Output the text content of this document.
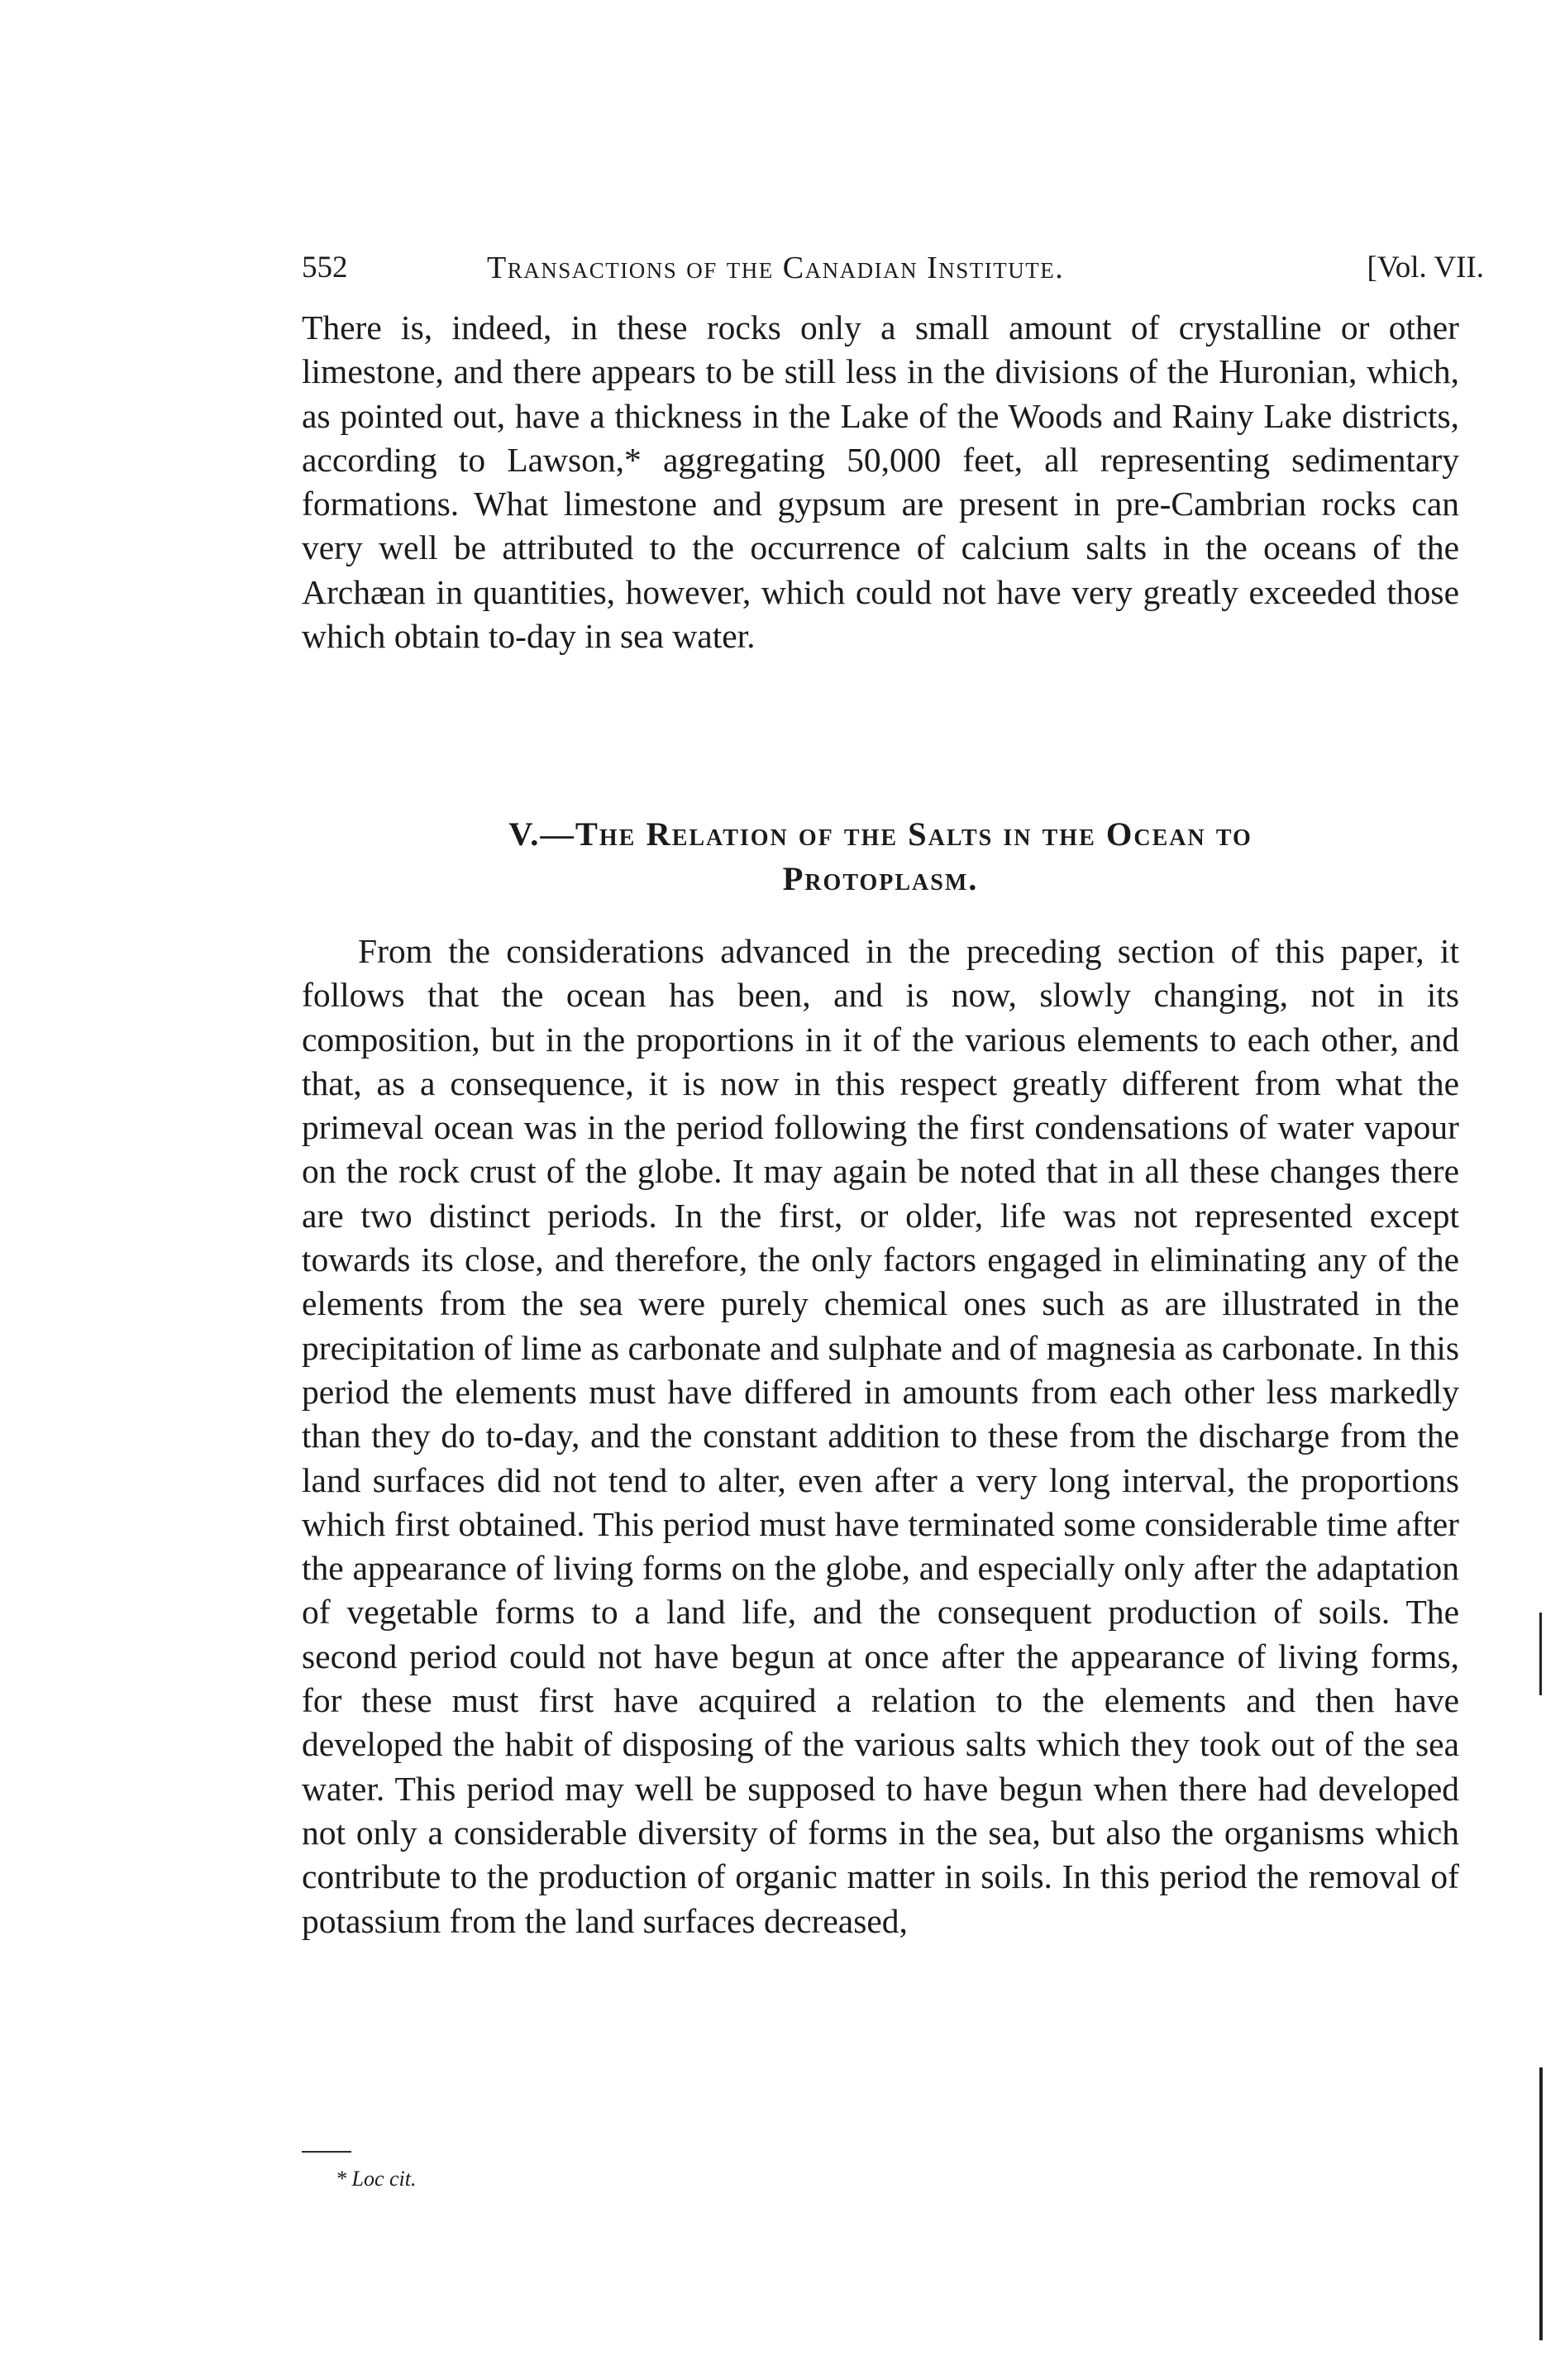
552	Transactions of the Canadian Institute.	[Vol. VII.

There is, indeed, in these rocks only a small amount of crystalline or other limestone, and there appears to be still less in the divisions of the Huronian, which, as pointed out, have a thickness in the Lake of the Woods and Rainy Lake districts, according to Lawson,* aggregating 50,000 feet, all representing sedimentary formations. What limestone and gypsum are present in pre-Cambrian rocks can very well be attributed to the occurrence of calcium salts in the oceans of the Archæan in quantities, however, which could not have very greatly exceeded those which obtain to-day in sea water.

V.—The Relation of the Salts in the Ocean to
Protoplasm.

From the considerations advanced in the preceding section of this paper, it follows that the ocean has been, and is now, slowly changing, not in its composition, but in the proportions in it of the various elements to each other, and that, as a consequence, it is now in this respect greatly different from what the primeval ocean was in the period following the first condensations of water vapour on the rock crust of the globe. It may again be noted that in all these changes there are two distinct periods. In the first, or older, life was not represented except towards its close, and therefore, the only factors engaged in eliminating any of the elements from the sea were purely chemical ones such as are illustrated in the precipitation of lime as carbonate and sulphate and of magnesia as carbonate. In this period the elements must have differed in amounts from each other less markedly than they do to-day, and the constant addition to these from the discharge from the land surfaces did not tend to alter, even after a very long interval, the proportions which first obtained. This period must have terminated some considerable time after the appearance of living forms on the globe, and especially only after the adaptation of vegetable forms to a land life, and the consequent production of soils. The second period could not have begun at once after the appearance of living forms, for these must first have acquired a relation to the elements and then have developed the habit of disposing of the various salts which they took out of the sea water. This period may well be supposed to have begun when there had developed not only a considerable diversity of forms in the sea, but also the organisms which contribute to the production of organic matter in soils. In this period the removal of potassium from the land surfaces decreased,

* Loc cit.
